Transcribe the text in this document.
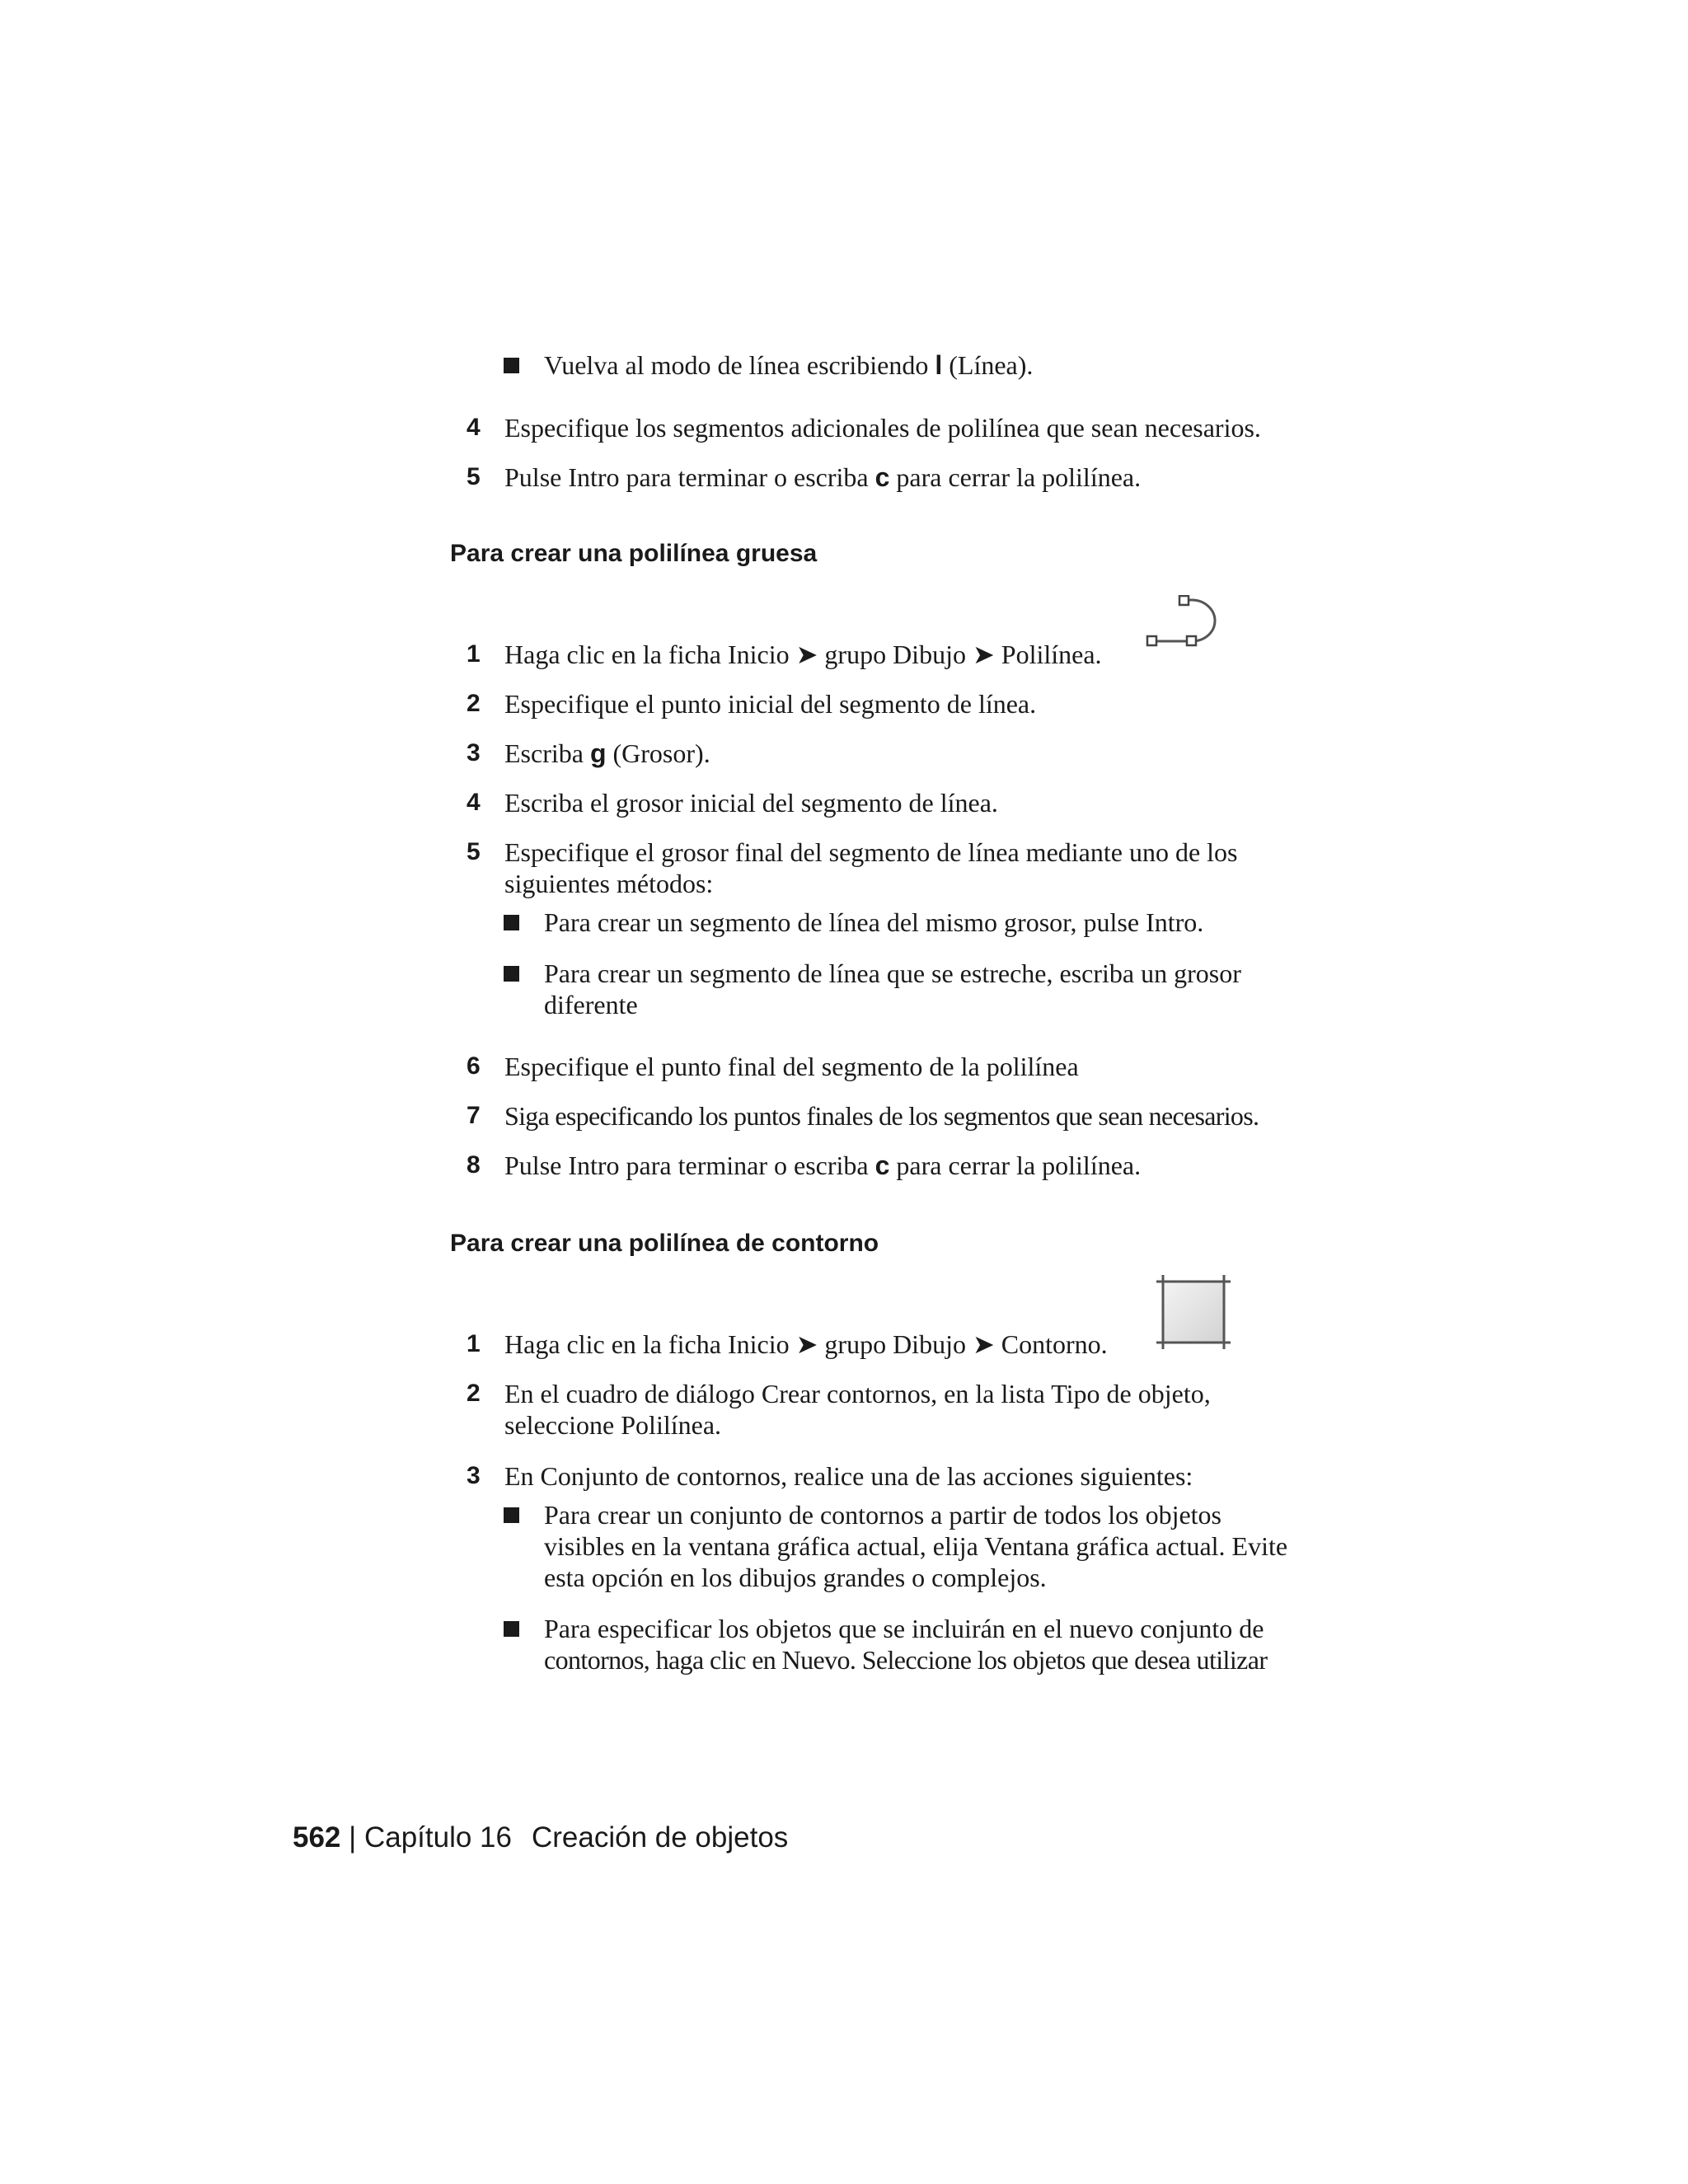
Vuelva al modo de línea escribiendo l (Línea).
4 Especifique los segmentos adicionales de polilínea que sean necesarios.
5 Pulse Intro para terminar o escriba c para cerrar la polilínea.
Para crear una polilínea gruesa
1 Haga clic en la ficha Inicio ➤ grupo Dibujo ➤ Polilínea.
2 Especifique el punto inicial del segmento de línea.
3 Escriba g (Grosor).
4 Escriba el grosor inicial del segmento de línea.
5 Especifique el grosor final del segmento de línea mediante uno de los
siguientes métodos:
Para crear un segmento de línea del mismo grosor, pulse Intro.
Para crear un segmento de línea que se estreche, escriba un grosor
diferente
6 Especifique el punto final del segmento de la polilínea
7 Siga especificando los puntos finales de los segmentos que sean necesarios.
8 Pulse Intro para terminar o escriba c para cerrar la polilínea.
Para crear una polilínea de contorno
1 Haga clic en la ficha Inicio ➤ grupo Dibujo ➤ Contorno.
2 En el cuadro de diálogo Crear contornos, en la lista Tipo de objeto,
seleccione Polilínea.
3 En Conjunto de contornos, realice una de las acciones siguientes:
Para crear un conjunto de contornos a partir de todos los objetos
visibles en la ventana gráfica actual, elija Ventana gráfica actual. Evite
esta opción en los dibujos grandes o complejos.
Para especificar los objetos que se incluirán en el nuevo conjunto de
contornos, haga clic en Nuevo. Seleccione los objetos que desea utilizar
562 | Capítulo 16 Creación de objetos
